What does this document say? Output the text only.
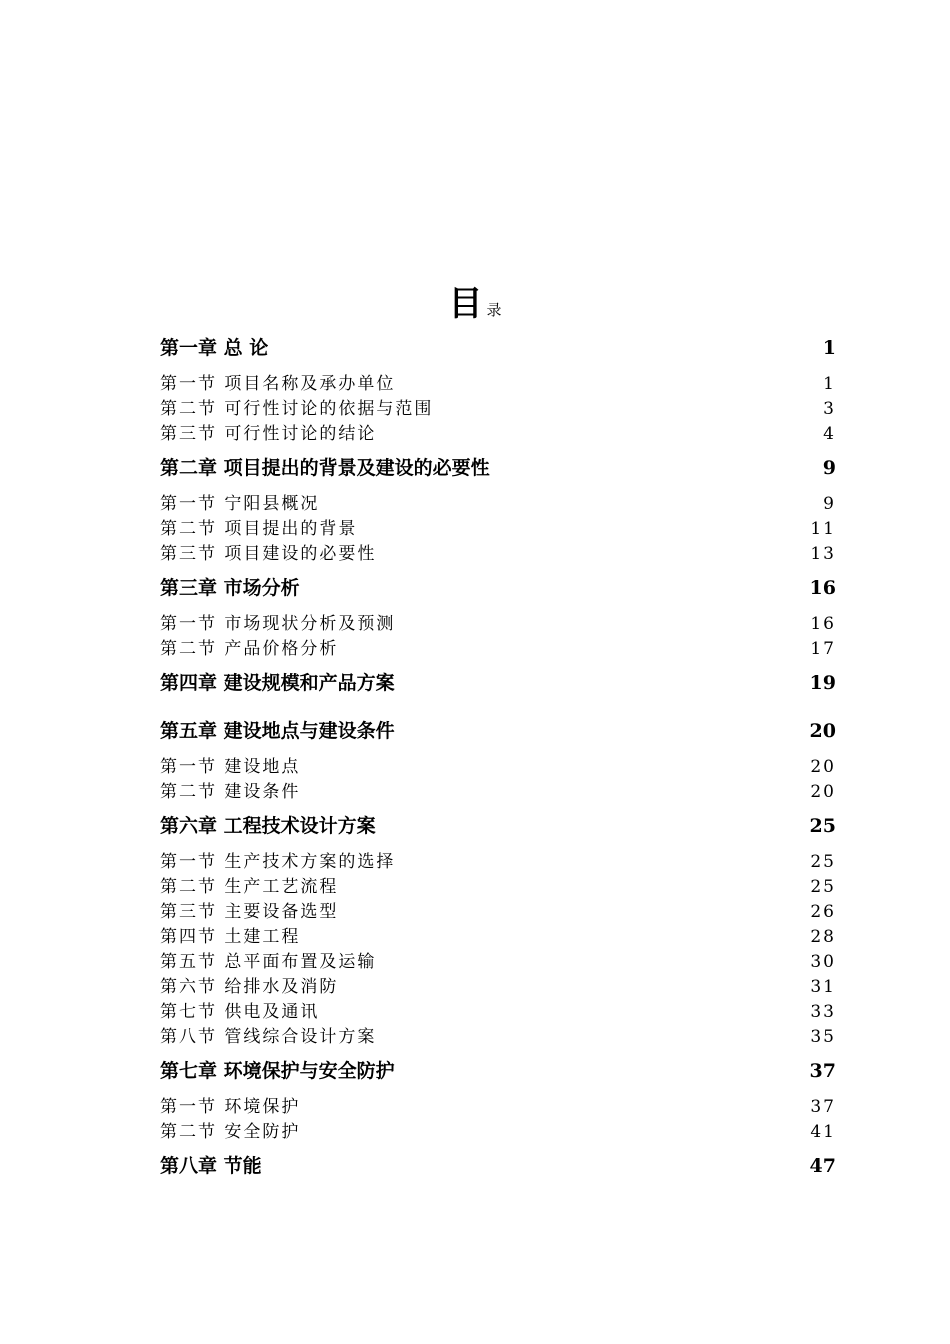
目录
第一章 总 论	1
第一节 项目名称及承办单位	1
第二节 可行性讨论的依据与范围	3
第三节 可行性讨论的结论	4
第二章 项目提出的背景及建设的必要性	9
第一节 宁阳县概况	9
第二节 项目提出的背景	11
第三节 项目建设的必要性	13
第三章 市场分析	16
第一节 市场现状分析及预测	16
第二节 产品价格分析	17
第四章 建设规模和产品方案	19
第五章 建设地点与建设条件	20
第一节 建设地点	20
第二节 建设条件	20
第六章 工程技术设计方案	25
第一节 生产技术方案的选择	25
第二节 生产工艺流程	25
第三节 主要设备选型	26
第四节 土建工程	28
第五节 总平面布置及运输	30
第六节 给排水及消防	31
第七节 供电及通讯	33
第八节 管线综合设计方案	35
第七章 环境保护与安全防护	37
第一节 环境保护	37
第二节 安全防护	41
第八章 节能	47
